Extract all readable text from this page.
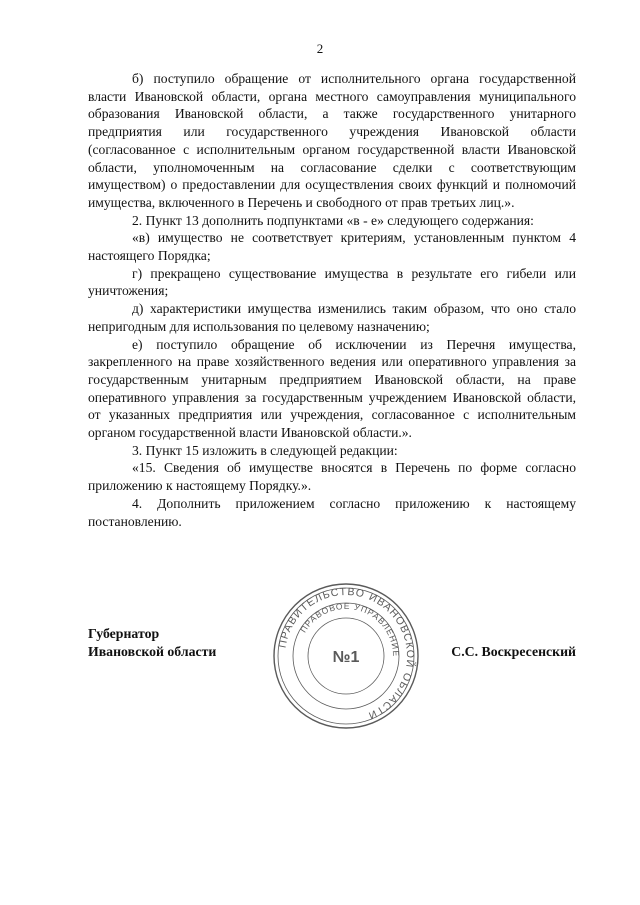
2

б) поступило обращение от исполнительного органа государственной власти Ивановской области, органа местного самоуправления муниципального образования Ивановской области, а также государственного унитарного предприятия или государственного учреждения Ивановской области (согласованное с исполнительным органом государственной власти Ивановской области, уполномоченным на согласование сделки с соответствующим имуществом) о предоставлении для осуществления своих функций и полномочий имущества, включенного в Перечень и свободного от прав третьих лиц.».

2. Пункт 13 дополнить подпунктами «в - е» следующего содержания:

«в) имущество не соответствует критериям, установленным пунктом 4 настоящего Порядка;

г) прекращено существование имущества в результате его гибели или уничтожения;

д) характеристики имущества изменились таким образом, что оно стало непригодным для использования по целевому назначению;

е) поступило обращение об исключении из Перечня имущества, закрепленного на праве хозяйственного ведения или оперативного управления за государственным унитарным предприятием Ивановской области, на праве оперативного управления за государственным учреждением Ивановской области, от указанных предприятия или учреждения, согласованное с исполнительным органом государственной власти Ивановской области.».

3. Пункт 15 изложить в следующей редакции:

«15. Сведения об имуществе вносятся в Перечень по форме согласно приложению к настоящему Порядку.».

4. Дополнить приложением согласно приложению к настоящему постановлению.

Губернатор
Ивановской области	С.С. Воскресенский
ПРАВИТЕЛЬСТВО ИВАНОВСКОЙ ОБЛАСТИ
ПРАВОВОЕ УПРАВЛЕНИЕ
№1
